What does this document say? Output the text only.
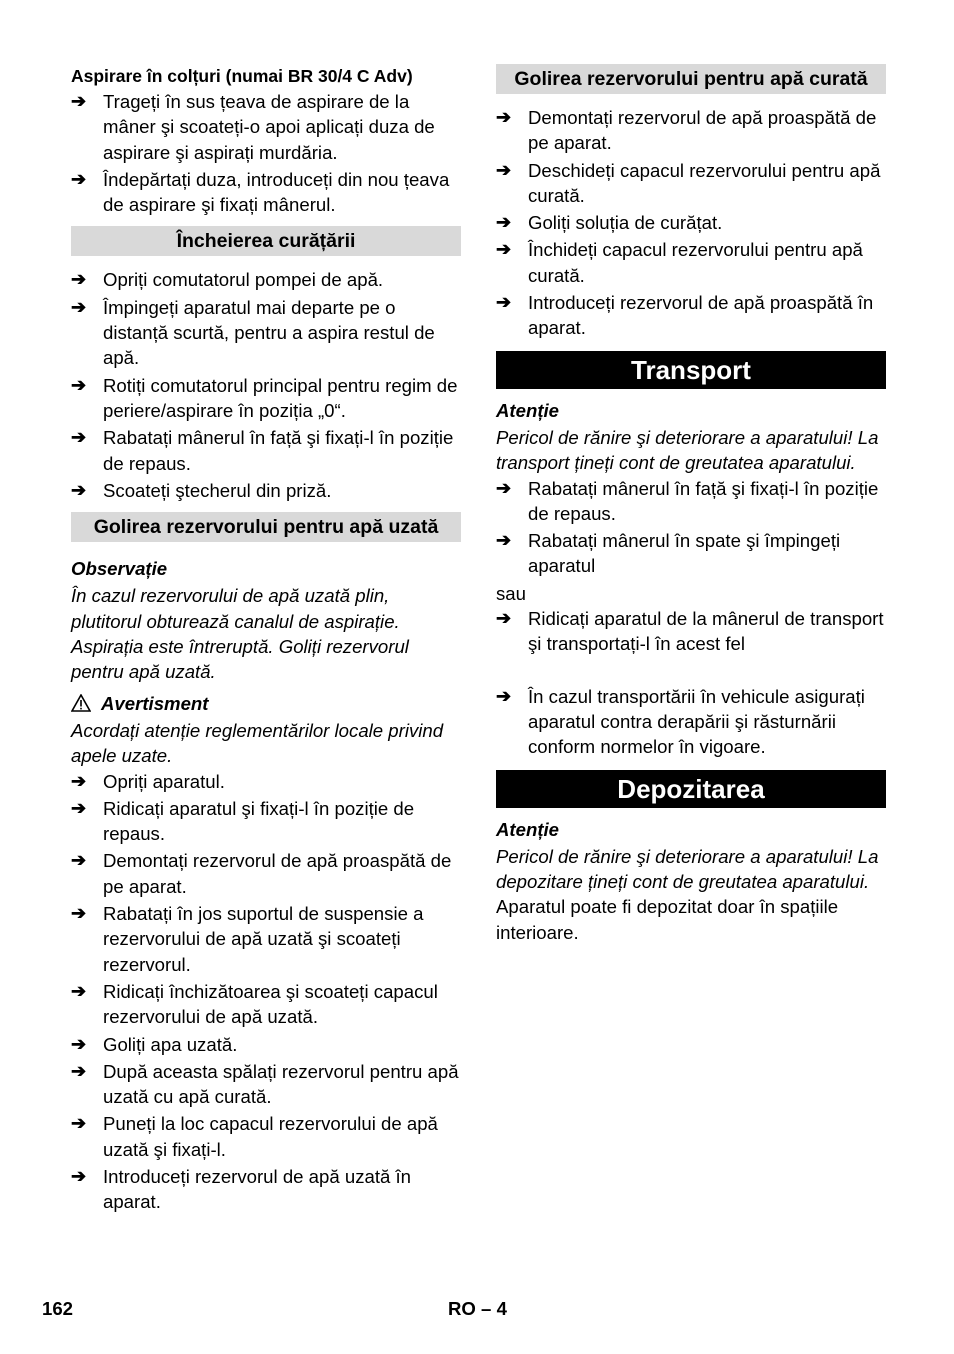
Aspirare în colțuri (numai BR 30/4 C Adv)

➔ Trageți în sus țeava de aspirare de la mâner şi scoateți-o apoi aplicați duza de aspirare şi aspirați murdăria.
➔ Îndepărtați duza, introduceți din nou țeava de aspirare şi fixați mânerul.
Încheierea curățării
➔ Opriți comutatorul pompei de apă.
➔ Împingeți aparatul mai departe pe o distanță scurtă, pentru a aspira restul de apă.
➔ Rotiți comutatorul principal pentru regim de periere/aspirare în poziția „0“.
➔ Rabatați mânerul în față şi fixați-l în poziție de repaus.
➔ Scoateți ştecherul din priză.
Golirea rezervorului pentru apă uzată

Observație

În cazul rezervorului de apă uzată plin, plutitorul obturează canalul de aspirație. Aspirația este întreruptă. Goliți rezervorul pentru apă uzată.

Avertisment

Acordați atenție reglementărilor locale privind apele uzate.

➔ Opriți aparatul.
➔ Ridicați aparatul şi fixați-l în poziție de repaus.
➔ Demontați rezervorul de apă proaspătă de pe aparat.
➔ Rabatați în jos suportul de suspensie a rezervorului de apă uzată şi scoateți rezervorul.
➔ Ridicați închizătoarea şi scoateți capacul rezervorului de apă uzată.
➔ Goliți apa uzată.
➔ După aceasta spălați rezervorul pentru apă uzată cu apă curată.
➔ Puneți la loc capacul rezervorului de apă uzată şi fixați-l.
➔ Introduceți rezervorul de apă uzată în aparat.
Golirea rezervorului pentru apă curată
➔ Demontați rezervorul de apă proaspătă de pe aparat.
➔ Deschideți capacul rezervorului pentru apă curată.
➔ Goliți soluția de curățat.
➔ Închideți capacul rezervorului pentru apă curată.
➔ Introduceți rezervorul de apă proaspătă în aparat.
Transport

Atenție

Pericol de rănire şi deteriorare a aparatului! La transport țineți cont de greutatea aparatului.

➔ Rabatați mânerul în față şi fixați-l în poziție de repaus.
➔ Rabatați mânerul în spate şi împingeți aparatul

sau

➔ Ridicați aparatul de la mânerul de transport şi transportați-l în acest fel
➔ În cazul transportării în vehicule asigurați aparatul contra derapării şi răsturnării conform normelor în vigoare.
Depozitarea

Atenție

Pericol de rănire şi deteriorare a aparatului! La depozitare țineți cont de greutatea aparatului.

Aparatul poate fi depozitat doar în spațiile interioare.

162	RO – 4
